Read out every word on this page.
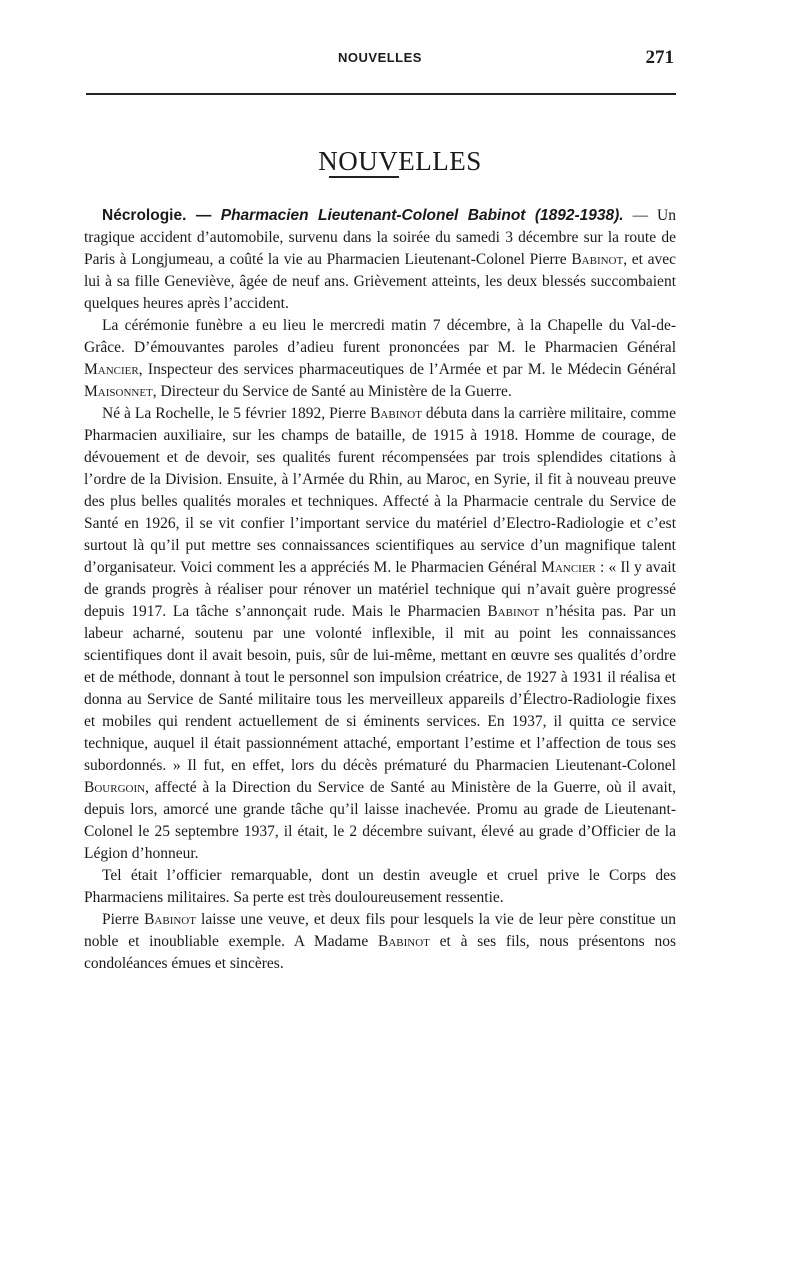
NOUVELLES	271
NOUVELLES

Nécrologie. — Pharmacien Lieutenant-Colonel Babinot (1892-1938). — Un tragique accident d’automobile, survenu dans la soirée du samedi 3 décembre sur la route de Paris à Longjumeau, a coûté la vie au Pharmacien Lieutenant-Colonel Pierre Babinot, et avec lui à sa fille Geneviève, âgée de neuf ans. Grièvement atteints, les deux blessés succombaient quelques heures après l’accident.

La cérémonie funèbre a eu lieu le mercredi matin 7 décembre, à la Chapelle du Val-de-Grâce. D’émouvantes paroles d’adieu furent prononcées par M. le Pharmacien Général Mancier, Inspecteur des services pharmaceutiques de l’Armée et par M. le Médecin Général Maisonnet, Directeur du Service de Santé au Ministère de la Guerre.

Né à La Rochelle, le 5 février 1892, Pierre Babinot débuta dans la carrière militaire, comme Pharmacien auxiliaire, sur les champs de bataille, de 1915 à 1918. Homme de courage, de dévouement et de devoir, ses qualités furent récompensées par trois splendides citations à l’ordre de la Division. Ensuite, à l’Armée du Rhin, au Maroc, en Syrie, il fit à nouveau preuve des plus belles qualités morales et techniques. Affecté à la Pharmacie centrale du Service de Santé en 1926, il se vit confier l’important service du matériel d’Electro-Radiologie et c’est surtout là qu’il put mettre ses connaissances scientifiques au service d’un magnifique talent d’organisateur. Voici comment les a appréciés M. le Pharmacien Général Mancier : « Il y avait de grands progrès à réaliser pour rénover un matériel technique qui n’avait guère progressé depuis 1917. La tâche s’annonçait rude. Mais le Pharmacien Babinot n’hésita pas. Par un labeur acharné, soutenu par une volonté inflexible, il mit au point les connaissances scientifiques dont il avait besoin, puis, sûr de lui-même, mettant en œuvre ses qualités d’ordre et de méthode, donnant à tout le personnel son impulsion créatrice, de 1927 à 1931 il réalisa et donna au Service de Santé militaire tous les merveilleux appareils d’Électro-Radiologie fixes et mobiles qui rendent actuellement de si éminents services. En 1937, il quitta ce service technique, auquel il était passionnément attaché, emportant l’estime et l’affection de tous ses subordonnés. » Il fut, en effet, lors du décès prématuré du Pharmacien Lieutenant-Colonel Bourgoin, affecté à la Direction du Service de Santé au Ministère de la Guerre, où il avait, depuis lors, amorcé une grande tâche qu’il laisse inachevée. Promu au grade de Lieutenant-Colonel le 25 septembre 1937, il était, le 2 décembre suivant, élevé au grade d’Officier de la Légion d’honneur.

Tel était l’officier remarquable, dont un destin aveugle et cruel prive le Corps des Pharmaciens militaires. Sa perte est très douloureusement ressentie.

Pierre Babinot laisse une veuve, et deux fils pour lesquels la vie de leur père constitue un noble et inoubliable exemple. A Madame Babinot et à ses fils, nous présentons nos condoléances émues et sincères.
